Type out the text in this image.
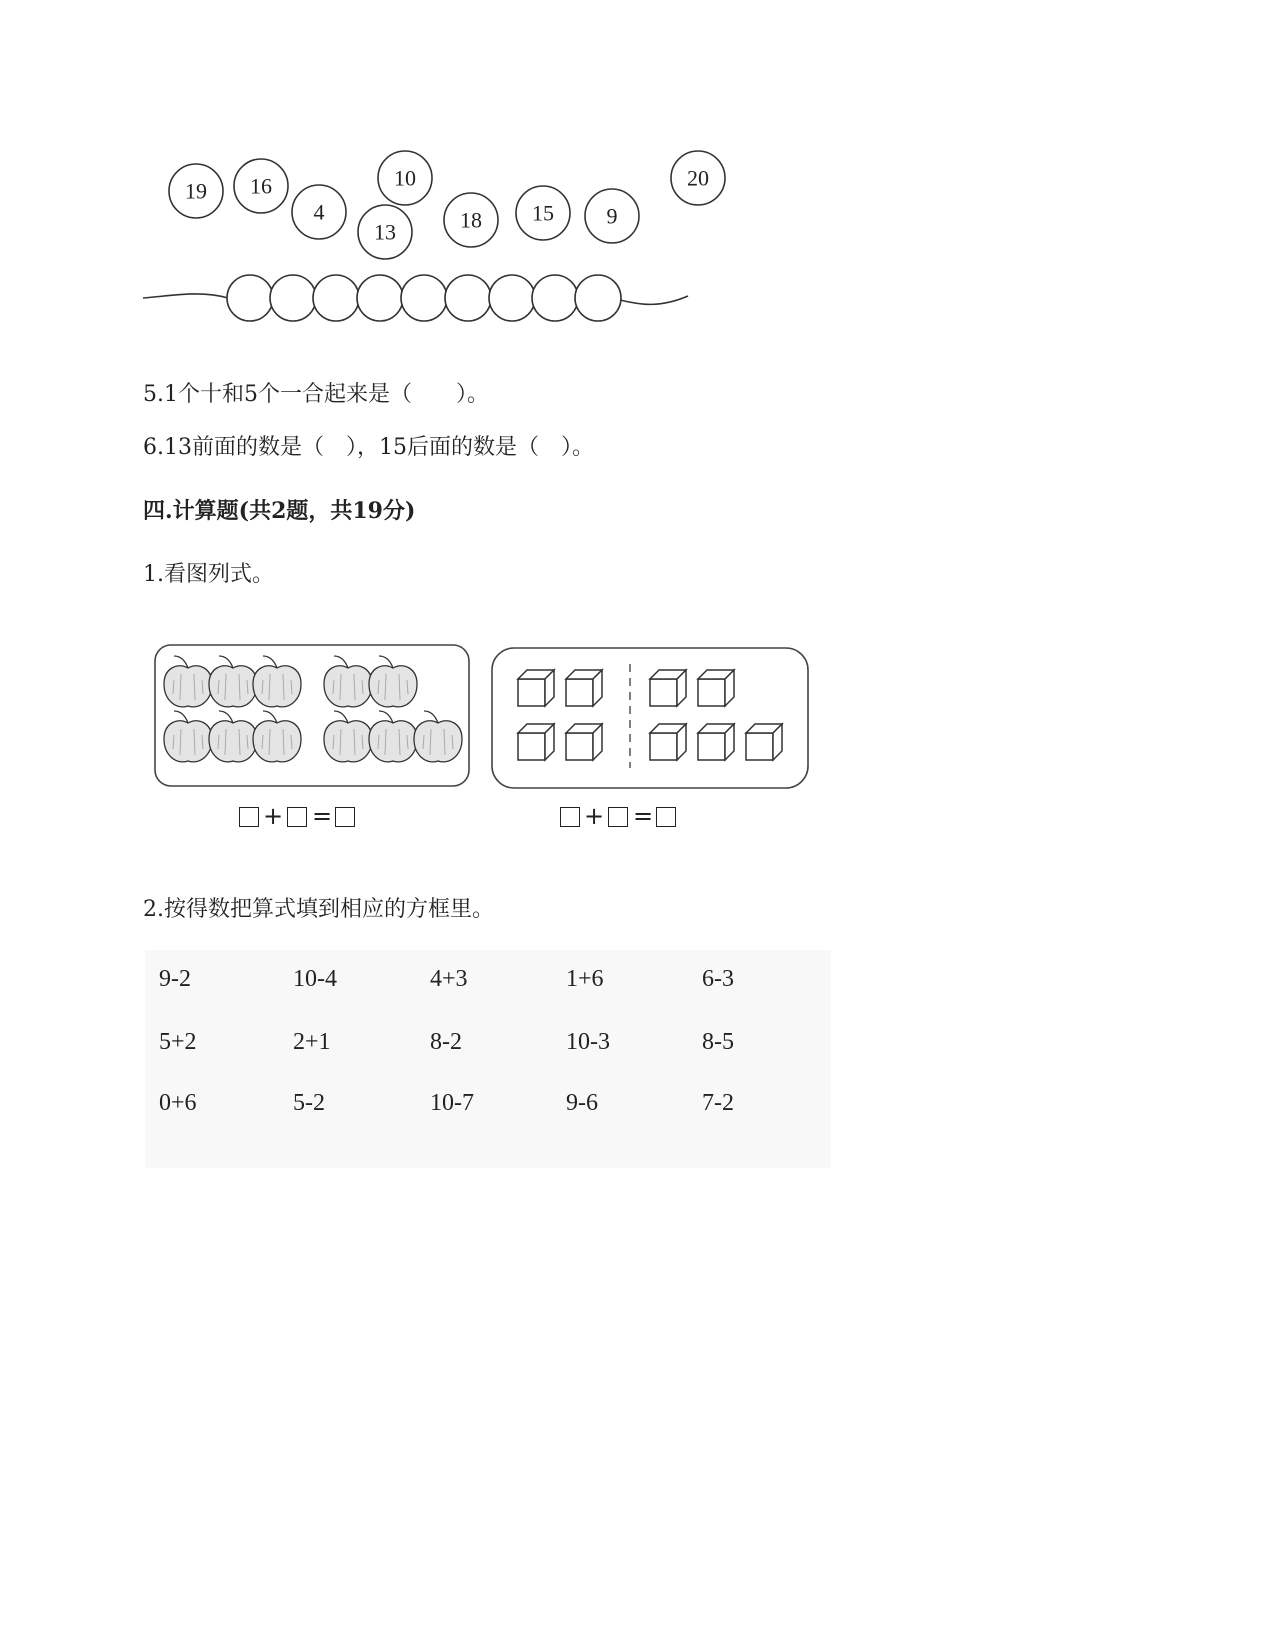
19 16
4
10
13	18 15 9
20
5.1个十和5个一合起来是（　　）。
6.13前面的数是（　），15后面的数是（　）。
四.计算题(共2题，共19分)
1.看图列式。
+ =	+ =
2.按得数把算式填到相应的方框里。
9-2	10-4	4+3	1+6	6-3
5+2	2+1	8-2	10-3	8-5
0+6	5-2	10-7	9-6	7-2
